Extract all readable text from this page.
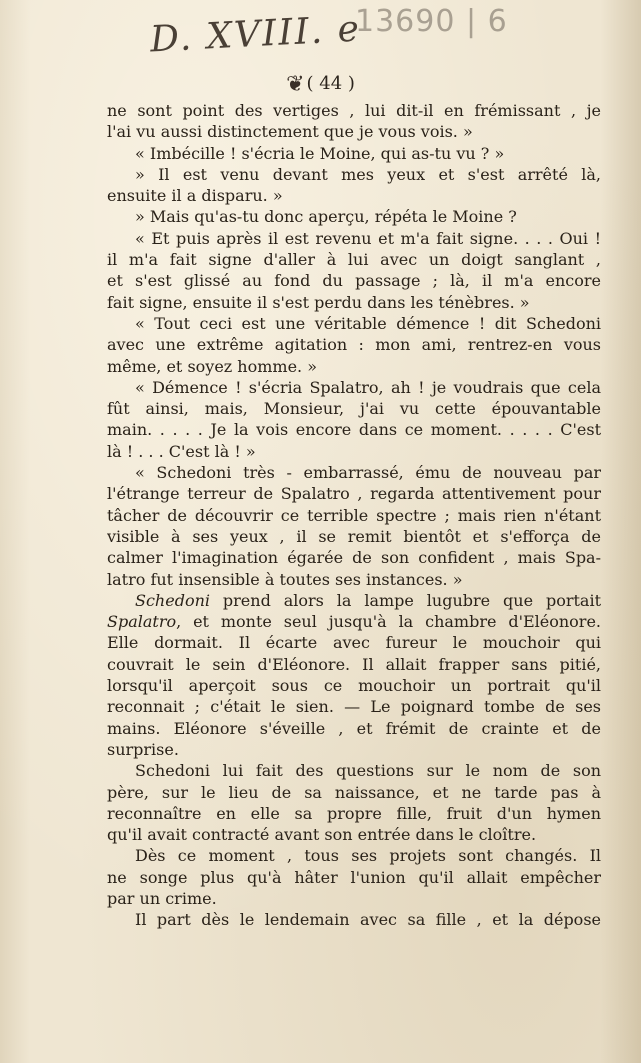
D. XVIII. e
13690 | 6
❦ ( 44 )
ne sont point des vertiges , lui dit-il en frémissant , je
l'ai vu aussi distinctement que je vous vois. »
« Imbécille ! s'écria le Moine, qui as-tu vu ? »
» Il est venu devant mes yeux et s'est arrêté là,
ensuite il a disparu. »
» Mais qu'as-tu donc aperçu, répéta le Moine ?
« Et puis après il est revenu et m'a fait signe. . . . Oui !
il m'a fait signe d'aller à lui avec un doigt sanglant ,
et s'est glissé au fond du passage ; là, il m'a encore
fait signe, ensuite il s'est perdu dans les ténèbres. »
« Tout ceci est une véritable démence ! dit Schedoni
avec une extrême agitation : mon ami, rentrez-en vous
même, et soyez homme. »
« Démence ! s'écria Spalatro, ah ! je voudrais que cela
fût ainsi, mais, Monsieur, j'ai vu cette épouvantable
main. . . . . Je la vois encore dans ce moment. . . . . C'est
là ! . . . C'est là ! »
« Schedoni très - embarrassé, ému de nouveau par
l'étrange terreur de Spalatro , regarda attentivement pour
tâcher de découvrir ce terrible spectre ; mais rien n'étant
visible à ses yeux , il se remit bientôt et s'efforça de
calmer l'imagination égarée de son confident , mais Spa-
latro fut insensible à toutes ses instances. »
Schedoni prend alors la lampe lugubre que portait
Spalatro, et monte seul jusqu'à la chambre d'Eléonore.
Elle dormait. Il écarte avec fureur le mouchoir qui
couvrait le sein d'Eléonore. Il allait frapper sans pitié,
lorsqu'il aperçoit sous ce mouchoir un portrait qu'il
reconnait ; c'était le sien. — Le poignard tombe de ses
mains. Eléonore s'éveille , et frémit de crainte et de
surprise.
Schedoni lui fait des questions sur le nom de son
père, sur le lieu de sa naissance, et ne tarde pas à
reconnaître en elle sa propre fille, fruit d'un hymen
qu'il avait contracté avant son entrée dans le cloître.
Dès ce moment , tous ses projets sont changés. Il
ne songe plus qu'à hâter l'union qu'il allait empêcher
par un crime.
Il part dès le lendemain avec sa fille , et la dépose
